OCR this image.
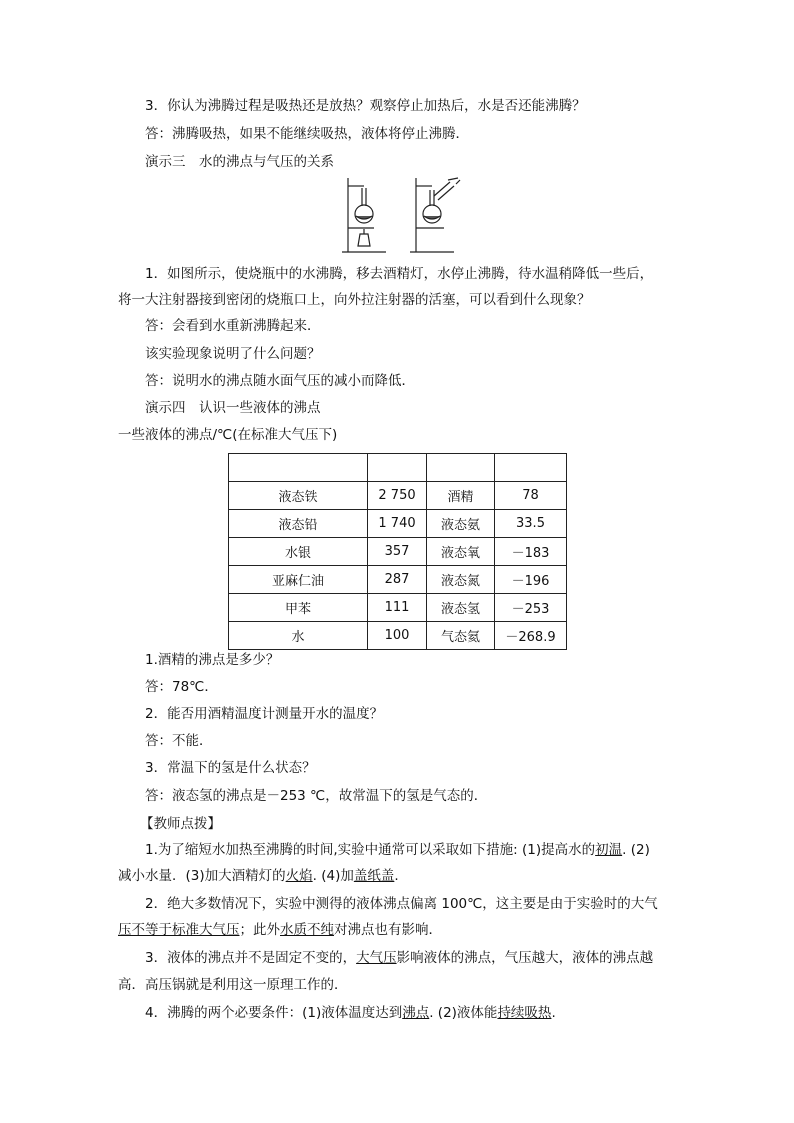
3．你认为沸腾过程是吸热还是放热？观察停止加热后，水是否还能沸腾？
答：沸腾吸热，如果不能继续吸热，液体将停止沸腾．
演示三　水的沸点与气压的关系
1．如图所示，使烧瓶中的水沸腾，移去酒精灯，水停止沸腾，待水温稍降低一些后，
将一大注射器接到密闭的烧瓶口上，向外拉注射器的活塞，可以看到什么现象？
答：会看到水重新沸腾起来．
该实验现象说明了什么问题？
答：说明水的沸点随水面气压的减小而降低．
演示四　认识一些液体的沸点
一些液体的沸点/℃(在标准大气压下)

液态铁	2 750	酒精	78
液态铅	1 740	液态氨	33.5
水银	357	液态氧	－183
亚麻仁油	287	液态氮	－196
甲苯	111	液态氢	－253
水	100	气态氦	－268.9
1.酒精的沸点是多少？
答：78℃．
2．能否用酒精温度计测量开水的温度？
答：不能．
3．常温下的氢是什么状态？
答：液态氢的沸点是－253 ℃，故常温下的氢是气态的．
【教师点拨】
1.为了缩短水加热至沸腾的时间,实验中通常可以采取如下措施: (1)提高水的初温. (2)
减小水量．(3)加大酒精灯的火焰. (4)加盖纸盖.
2．绝大多数情况下，实验中测得的液体沸点偏离 100℃，这主要是由于实验时的大气
压不等于标准大气压；此外水质不纯对沸点也有影响．
3．液体的沸点并不是固定不变的，大气压影响液体的沸点，气压越大，液体的沸点越
高．高压锅就是利用这一原理工作的．
4．沸腾的两个必要条件：(1)液体温度达到沸点. (2)液体能持续吸热.
